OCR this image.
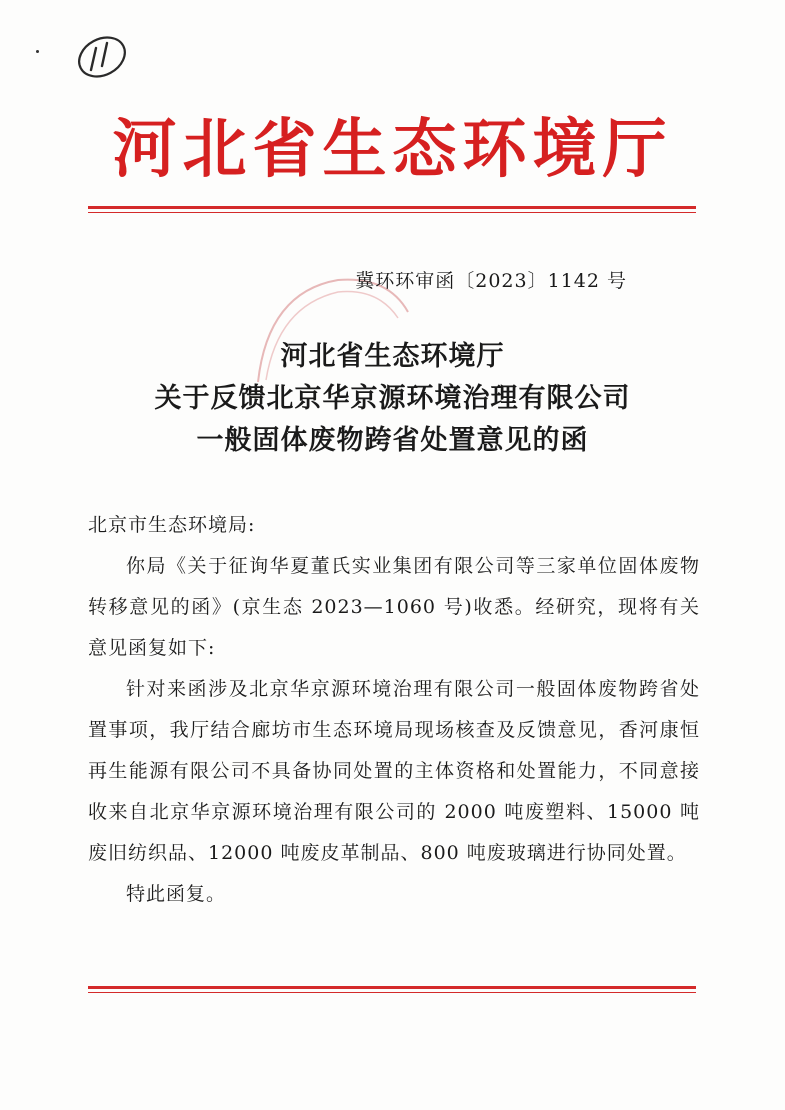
河北省生态环境厅
冀环环审函〔2023〕1142 号
河北省生态环境厅
关于反馈北京华京源环境治理有限公司
一般固体废物跨省处置意见的函
北京市生态环境局:
你局《关于征询华夏董氏实业集团有限公司等三家单位固体废物转移意见的函》(京生态 2023—1060 号)收悉。经研究，现将有关意见函复如下:
针对来函涉及北京华京源环境治理有限公司一般固体废物跨省处置事项，我厅结合廊坊市生态环境局现场核查及反馈意见，香河康恒再生能源有限公司不具备协同处置的主体资格和处置能力，不同意接收来自北京华京源环境治理有限公司的 2000 吨废塑料、15000 吨废旧纺织品、12000 吨废皮革制品、800 吨废玻璃进行协同处置。
特此函复。
